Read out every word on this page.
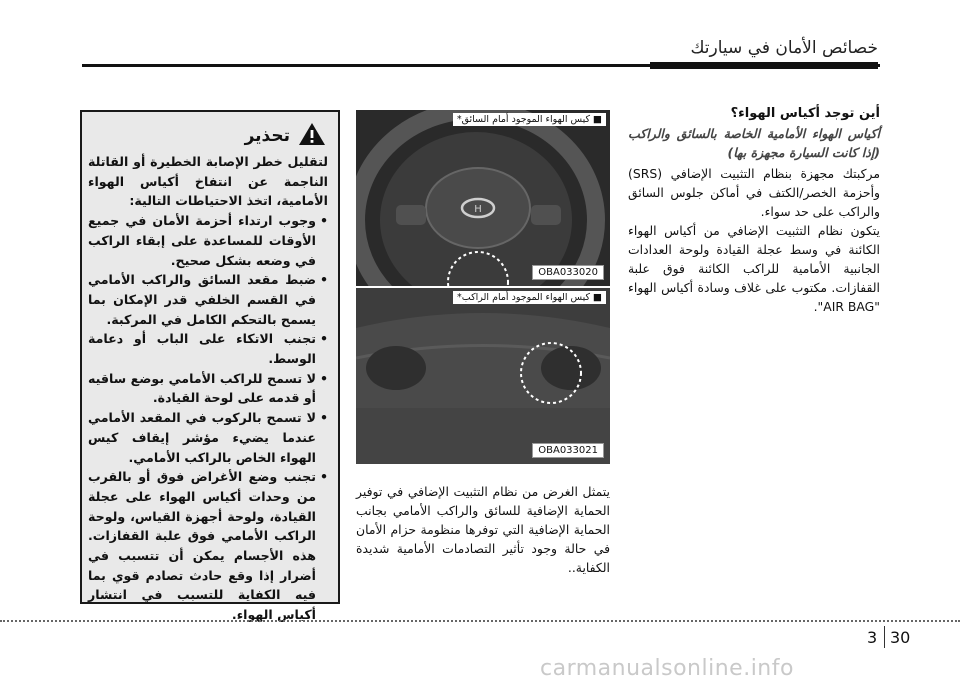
خصائص الأمان في سيارتك
أين توجد أكياس الهواء؟
أكياس الهواء الأمامية الخاصة بالسائق والراكب (إذا كانت السيارة مجهزة بها)

مركبتك مجهزة بنظام التثبيت الإضافي (SRS) وأحزمة الخصر/الكتف في أماكن جلوس السائق والراكب على حد سواء.

يتكون نظام التثبيت الإضافي من أكياس الهواء الكائنة في وسط عجلة القيادة ولوحة العدادات الجانبية الأمامية للراكب الكائنة فوق علبة القفازات. مكتوب على غلاف وسادة أكياس الهواء "AIR BAG".

H
■ كيس الهواء الموجود أمام السائق*
OBA033020
■ كيس الهواء الموجود أمام الراكب*
OBA033021
يتمثل الغرض من نظام التثبيت الإضافي في توفير الحماية الإضافية للسائق والراكب الأمامي بجانب الحماية الإضافية التي توفرها منظومة حزام الأمان في حالة وجود تأثير التصادمات الأمامية شديدة الكفاية..
تحذير

لتقليل خطر الإصابة الخطيرة أو القاتلة الناجمة عن انتفاخ أكياس الهواء الأمامية، اتخذ الاحتياطات التالية:

• وجوب ارتداء أحزمة الأمان في جميع الأوقات للمساعدة على إبقاء الراكب في وضعه بشكل صحيح.
• ضبط مقعد السائق والراكب الأمامي في القسم الخلفي قدر الإمكان بما يسمح بالتحكم الكامل في المركبة.
• تجنب الاتكاء على الباب أو دعامة الوسط.
• لا تسمح للراكب الأمامي بوضع ساقيه أو قدمه على لوحة القيادة.
• لا تسمح بالركوب في المقعد الأمامي عندما يضيء مؤشر إيقاف كيس الهواء الخاص بالراكب الأمامي.
• تجنب وضع الأغراض فوق أو بالقرب من وحدات أكياس الهواء على عجلة القيادة، ولوحة أجهزة القياس، ولوحة الراكب الأمامي فوق علبة القفازات. هذه الأجسام يمكن أن تتسبب في أضرار إذا وقع حادث تصادم قوي بما فيه الكفاية للتسبب في انتشار أكياس الهواء.
3 30
carmanualsonline.info
